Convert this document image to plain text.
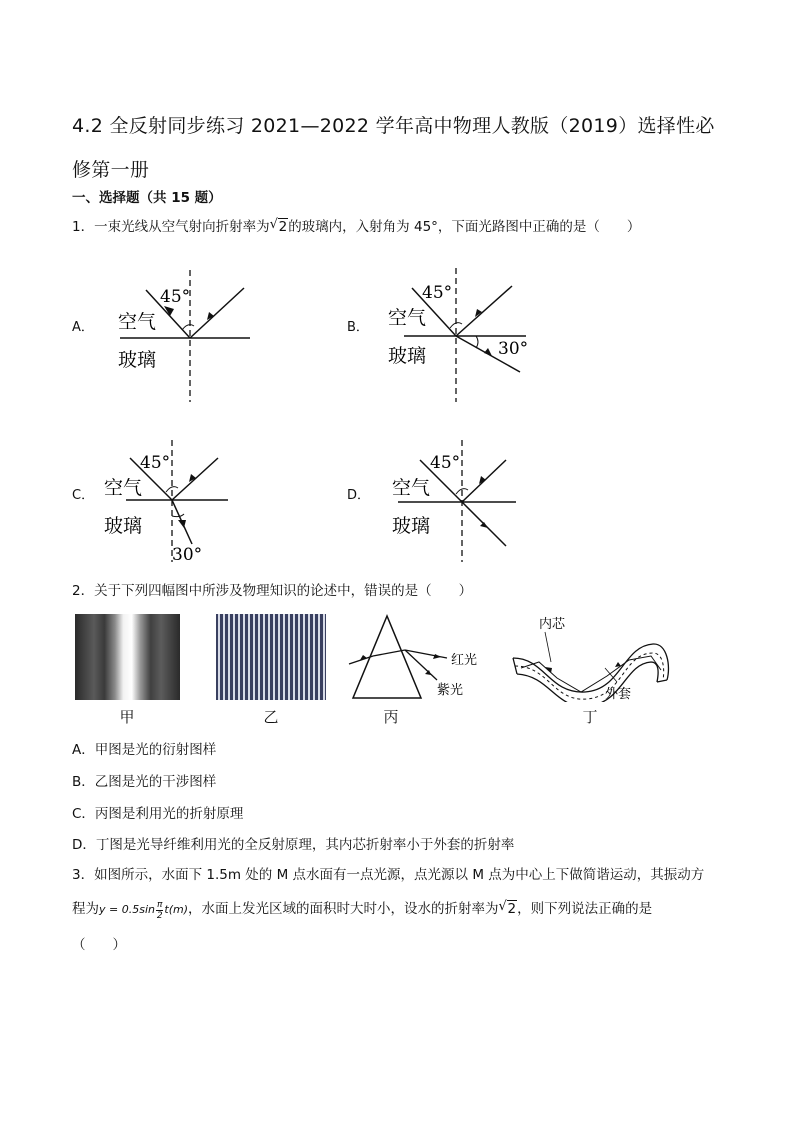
4.2 全反射同步练习 2021—2022 学年高中物理人教版（2019）选择性必修第一册
一、选择题（共 15 题）
1．一束光线从空气射向折射率为 √ 2的玻璃内，入射角为 45°，下面光路图中正确的是（　　）
A．
45°
空气
玻璃
B．
45°
空气
玻璃	30°
C．
45°
空气
玻璃
30°
D．
45°
空气
玻璃
2．关于下列四幅图中所涉及物理知识的论述中，错误的是（　　）
甲	乙
红光
紫光
丙
内芯
外套
丁
A．甲图是光的衍射图样
B．乙图是光的干涉图样
C．丙图是利用光的折射原理
D．丁图是光导纤维利用光的全反射原理，其内芯折射率小于外套的折射率
3．如图所示，水面下 1.5m 处的 M 点水面有一点光源，点光源以 M 点为中心上下做简谐运动，其振动方
程为$y = 0.5\sin \frac{\pi}{2} t(m)$，水面上发光区域的面积时大时小，设水的折射率为 √ 2，则下列说法正确的是
（　　）
